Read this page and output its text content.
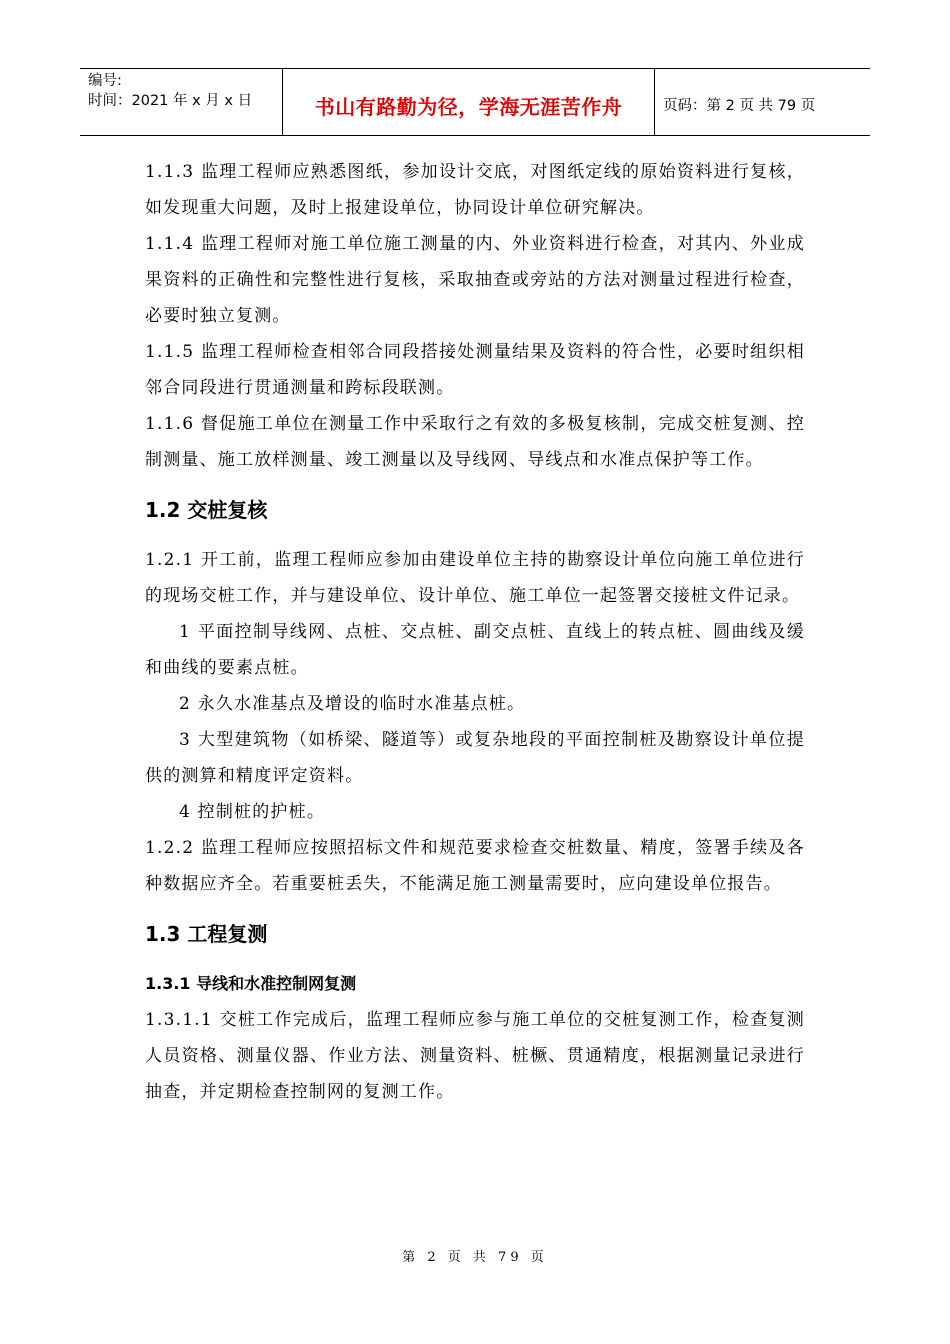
编号:
时间：2021 年 x 月 x 日	书山有路勤为径，学海无涯苦作舟	页码：第 2 页 共 79 页

1.1.3 监理工程师应熟悉图纸，参加设计交底，对图纸定线的原始资料进行复核，如发现重大问题，及时上报建设单位，协同设计单位研究解决。

1.1.4 监理工程师对施工单位施工测量的内、外业资料进行检查，对其内、外业成果资料的正确性和完整性进行复核，采取抽查或旁站的方法对测量过程进行检查，必要时独立复测。

1.1.5 监理工程师检查相邻合同段搭接处测量结果及资料的符合性，必要时组织相邻合同段进行贯通测量和跨标段联测。

1.1.6 督促施工单位在测量工作中采取行之有效的多极复核制，完成交桩复测、控制测量、施工放样测量、竣工测量以及导线网、导线点和水准点保护等工作。

1.2 交桩复核

1.2.1 开工前，监理工程师应参加由建设单位主持的勘察设计单位向施工单位进行的现场交桩工作，并与建设单位、设计单位、施工单位一起签署交接桩文件记录。

1 平面控制导线网、点桩、交点桩、副交点桩、直线上的转点桩、圆曲线及缓和曲线的要素点桩。

2 永久水准基点及增设的临时水准基点桩。

3 大型建筑物（如桥梁、隧道等）或复杂地段的平面控制桩及勘察设计单位提供的测算和精度评定资料。

4 控制桩的护桩。

1.2.2 监理工程师应按照招标文件和规范要求检查交桩数量、精度，签署手续及各种数据应齐全。若重要桩丢失，不能满足施工测量需要时，应向建设单位报告。

1.3 工程复测
1.3.1 导线和水准控制网复测

1.3.1.1 交桩工作完成后，监理工程师应参与施工单位的交桩复测工作，检查复测人员资格、测量仪器、作业方法、测量资料、桩橛、贯通精度，根据测量记录进行抽查，并定期检查控制网的复测工作。

第 2 页 共 79 页
